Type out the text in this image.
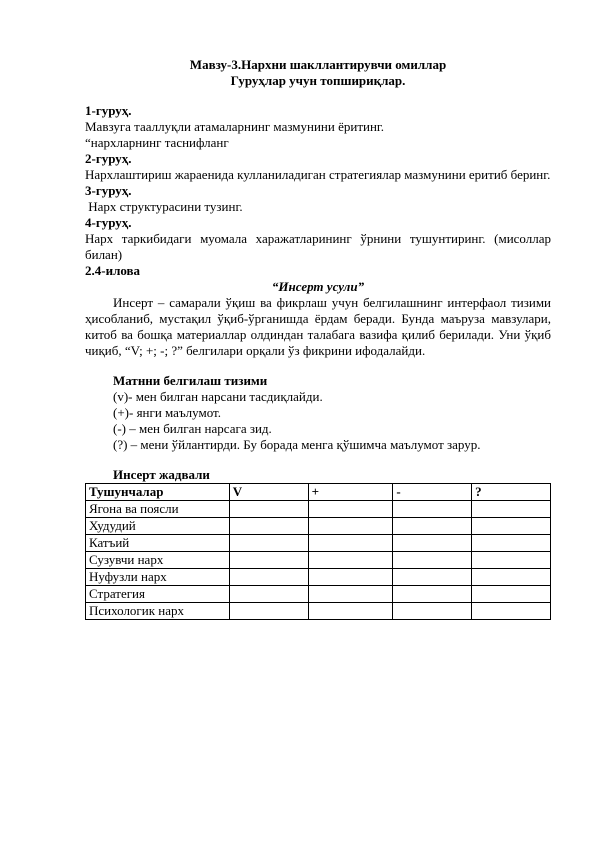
Мавзу-3.Нархни шакллантирувчи омиллар
Гуруҳлар учун топшириқлар.
1-гуруҳ.
Мавзуга тааллуқли атамаларнинг мазмунини ёритинг.
“нархларнинг таснифланг
2-гуруҳ.
Нархлаштириш жараенида кулланиладиган стратегиялар мазмунини еритиб беринг.
3-гуруҳ.
Нарх структурасини тузинг.
4-гуруҳ.
Нарх таркибидаги муомала харажатларининг ўрнини тушунтиринг. (мисоллар билан)
2.4-илова
“Инсерт усули”
Инсерт – самарали ўқиш ва фикрлаш учун белгилашнинг интерфаол тизими ҳисобланиб, мустақил ўқиб-ўрганишда ёрдам беради. Бунда маъруза мавзулари, китоб ва бошқа материаллар олдиндан талабага вазифа қилиб берилади. Уни ўқиб чиқиб, “V; +; -; ?” белгилари орқали ўз фикрини ифодалайди.
Матнни белгилаш тизими
(v)- мен билган нарсани тасдиқлайди.
(+)- янги маълумот.
(-) – мен билган нарсага зид.
(?) – мени ўйлантирди. Бу борада менга қўшимча маълумот зарур.
Инсерт жадвали
Тушунчалар	V	+	-	?
Ягона ва поясли				
Худудий				
Катъий				
Сузувчи нарх				
Нуфузли нарх				
Стратегия				
Психологик нарх				
